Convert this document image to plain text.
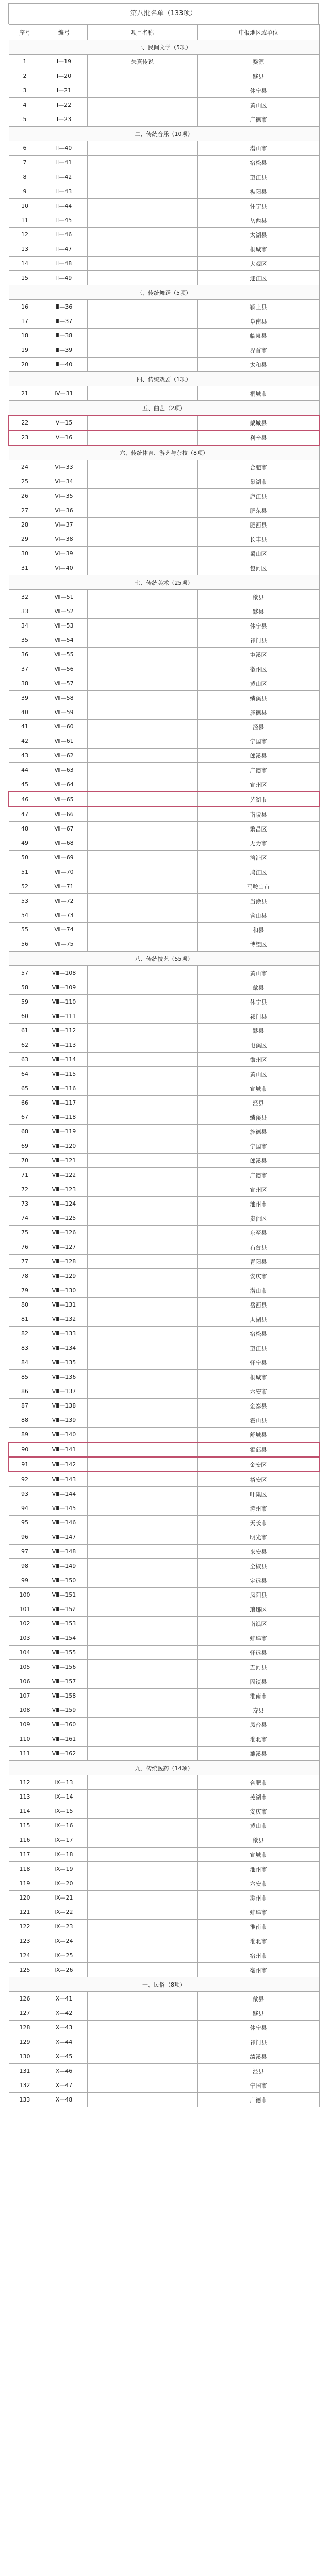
第八批名单（133项）
序号	编号	项目名称	申报地区或单位
一、民间文学（5项）			
1	Ⅰ—19	朱熹传说	婺源
2	Ⅰ—20		黟县
3	Ⅰ—21		休宁县
4	Ⅰ—22		黄山区
5	Ⅰ—23		广德市
二、传统音乐（10项）			
6	Ⅱ—40		潜山市
7	Ⅱ—41		宿松县
8	Ⅱ—42		望江县
9	Ⅱ—43		枞阳县
10	Ⅱ—44		怀宁县
11	Ⅱ—45		岳西县
12	Ⅱ—46		太湖县
13	Ⅱ—47		桐城市
14	Ⅱ—48		大观区
15	Ⅱ—49		迎江区
三、传统舞蹈（5项）			
16	Ⅲ—36		颍上县
17	Ⅲ—37		阜南县
18	Ⅲ—38		临泉县
19	Ⅲ—39		界首市
20	Ⅲ—40		太和县
四、传统戏剧（1项）			
21	Ⅳ—31		桐城市
五、曲艺（2项）			
22	Ⅴ—15		蒙城县
23	Ⅴ—16		利辛县
六、传统体育、游艺与杂技（8项）			
24	Ⅵ—33		合肥市
25	Ⅵ—34		巢湖市
26	Ⅵ—35		庐江县
27	Ⅵ—36		肥东县
28	Ⅵ—37		肥西县
29	Ⅵ—38		长丰县
30	Ⅵ—39		蜀山区
31	Ⅵ—40		包河区
七、传统美术（25项）			
32	Ⅶ—51		歙县
33	Ⅶ—52		黟县
34	Ⅶ—53		休宁县
35	Ⅶ—54		祁门县
36	Ⅶ—55		屯溪区
37	Ⅶ—56		徽州区
38	Ⅶ—57		黄山区
39	Ⅶ—58		绩溪县
40	Ⅶ—59		旌德县
41	Ⅶ—60		泾县
42	Ⅶ—61		宁国市
43	Ⅶ—62		郎溪县
44	Ⅶ—63		广德市
45	Ⅶ—64		宣州区
46	Ⅶ—65		芜湖市
47	Ⅶ—66		南陵县
48	Ⅶ—67		繁昌区
49	Ⅶ—68		无为市
50	Ⅶ—69		湾沚区
51	Ⅶ—70		鸠江区
52	Ⅶ—71		马鞍山市
53	Ⅶ—72		当涂县
54	Ⅶ—73		含山县
55	Ⅶ—74		和县
56	Ⅶ—75		博望区
八、传统技艺（55项）			
57	Ⅷ—108		黄山市
58	Ⅷ—109		歙县
59	Ⅷ—110		休宁县
60	Ⅷ—111		祁门县
61	Ⅷ—112		黟县
62	Ⅷ—113		屯溪区
63	Ⅷ—114		徽州区
64	Ⅷ—115		黄山区
65	Ⅷ—116		宣城市
66	Ⅷ—117		泾县
67	Ⅷ—118		绩溪县
68	Ⅷ—119		旌德县
69	Ⅷ—120		宁国市
70	Ⅷ—121		郎溪县
71	Ⅷ—122		广德市
72	Ⅷ—123		宣州区
73	Ⅷ—124		池州市
74	Ⅷ—125		贵池区
75	Ⅷ—126		东至县
76	Ⅷ—127		石台县
77	Ⅷ—128		青阳县
78	Ⅷ—129		安庆市
79	Ⅷ—130		潜山市
80	Ⅷ—131		岳西县
81	Ⅷ—132		太湖县
82	Ⅷ—133		宿松县
83	Ⅷ—134		望江县
84	Ⅷ—135		怀宁县
85	Ⅷ—136		桐城市
86	Ⅷ—137		六安市
87	Ⅷ—138		金寨县
88	Ⅷ—139		霍山县
89	Ⅷ—140		舒城县
90	Ⅷ—141		霍邱县
91	Ⅷ—142		金安区
92	Ⅷ—143		裕安区
93	Ⅷ—144		叶集区
94	Ⅷ—145		滁州市
95	Ⅷ—146		天长市
96	Ⅷ—147		明光市
97	Ⅷ—148		来安县
98	Ⅷ—149		全椒县
99	Ⅷ—150		定远县
100	Ⅷ—151		凤阳县
101	Ⅷ—152		琅琊区
102	Ⅷ—153		南谯区
103	Ⅷ—154		蚌埠市
104	Ⅷ—155		怀远县
105	Ⅷ—156		五河县
106	Ⅷ—157		固镇县
107	Ⅷ—158		淮南市
108	Ⅷ—159		寿县
109	Ⅷ—160		凤台县
110	Ⅷ—161		淮北市
111	Ⅷ—162		濉溪县
九、传统医药（14项）			
112	Ⅸ—13		合肥市
113	Ⅸ—14		芜湖市
114	Ⅸ—15		安庆市
115	Ⅸ—16		黄山市
116	Ⅸ—17		歙县
117	Ⅸ—18		宣城市
118	Ⅸ—19		池州市
119	Ⅸ—20		六安市
120	Ⅸ—21		滁州市
121	Ⅸ—22		蚌埠市
122	Ⅸ—23		淮南市
123	Ⅸ—24		淮北市
124	Ⅸ—25		宿州市
125	Ⅸ—26		亳州市
十、民俗（8项）			
126	Ⅹ—41		歙县
127	Ⅹ—42		黟县
128	Ⅹ—43		休宁县
129	Ⅹ—44		祁门县
130	Ⅹ—45		绩溪县
131	Ⅹ—46		泾县
132	Ⅹ—47		宁国市
133	Ⅹ—48		广德市
